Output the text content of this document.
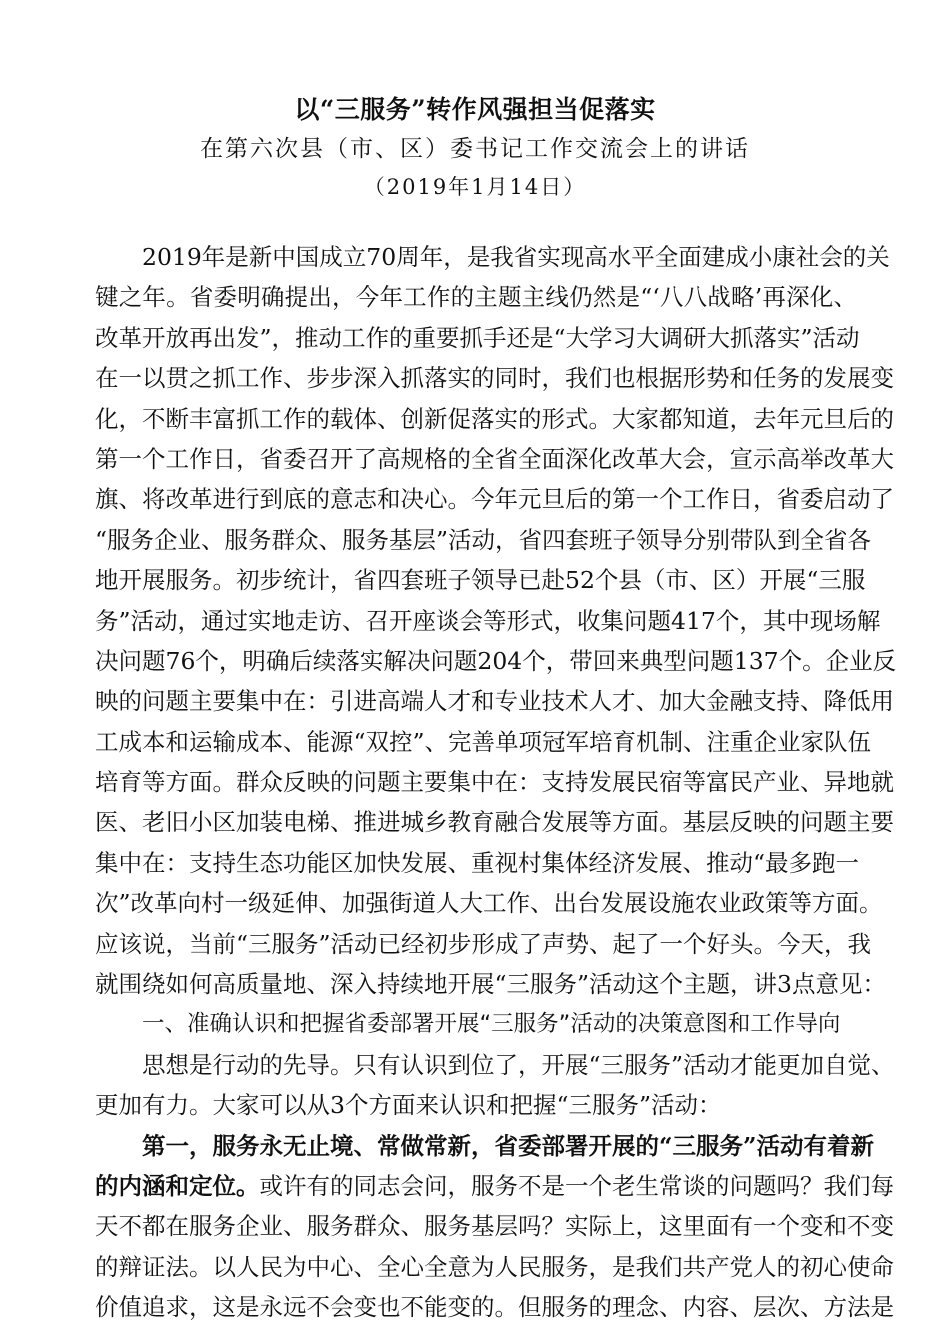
以“三服务”转作风强担当促落实
在第六次县（市、区）委书记工作交流会上的讲话
（2019年1月14日）
2019年是新中国成立70周年，是我省实现高水平全面建成小康社会的关
键之年。省委明确提出，今年工作的主题主线仍然是“‘八八战略’再深化、
改革开放再出发”，推动工作的重要抓手还是“大学习大调研大抓落实”活动
在一以贯之抓工作、步步深入抓落实的同时，我们也根据形势和任务的发展变
化，不断丰富抓工作的载体、创新促落实的形式。大家都知道，去年元旦后的
第一个工作日，省委召开了高规格的全省全面深化改革大会，宣示高举改革大
旗、将改革进行到底的意志和决心。今年元旦后的第一个工作日，省委启动了
“服务企业、服务群众、服务基层”活动，省四套班子领导分别带队到全省各
地开展服务。初步统计，省四套班子领导已赴52个县（市、区）开展“三服
务”活动，通过实地走访、召开座谈会等形式，收集问题417个，其中现场解
决问题76个，明确后续落实解决问题204个，带回来典型问题137个。企业反
映的问题主要集中在：引进高端人才和专业技术人才、加大金融支持、降低用
工成本和运输成本、能源“双控”、完善单项冠军培育机制、注重企业家队伍
培育等方面。群众反映的问题主要集中在：支持发展民宿等富民产业、异地就
医、老旧小区加装电梯、推进城乡教育融合发展等方面。基层反映的问题主要
集中在：支持生态功能区加快发展、重视村集体经济发展、推动“最多跑一
次”改革向村一级延伸、加强街道人大工作、出台发展设施农业政策等方面。
应该说，当前“三服务”活动已经初步形成了声势、起了一个好头。今天，我
就围绕如何高质量地、深入持续地开展“三服务”活动这个主题，讲3点意见：
一、准确认识和把握省委部署开展“三服务”活动的决策意图和工作导向
思想是行动的先导。只有认识到位了，开展“三服务”活动才能更加自觉、
更加有力。大家可以从3个方面来认识和把握“三服务”活动：
第一，服务永无止境、常做常新，省委部署开展的“三服务”活动有着新
的内涵和定位。或许有的同志会问，服务不是一个老生常谈的问题吗？我们每
天不都在服务企业、服务群众、服务基层吗？实际上，这里面有一个变和不变
的辩证法。以人民为中心、全心全意为人民服务，是我们共产党人的初心使命
价值追求，这是永远不会变也不能变的。但服务的理念、内容、层次、方法是
